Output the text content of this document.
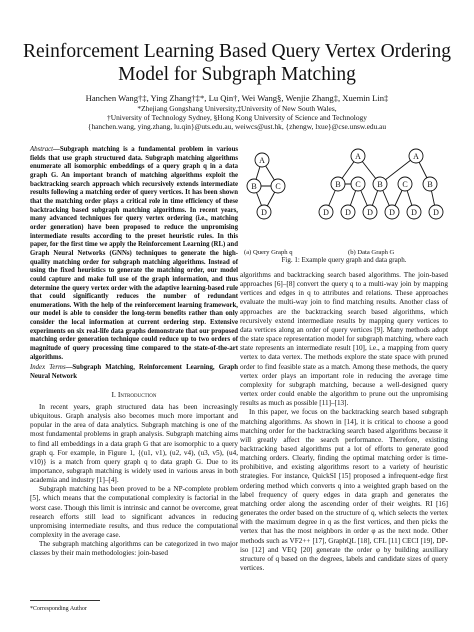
Reinforcement Learning Based Query Vertex Ordering Model for Subgraph Matching
Hanchen Wang†‡, Ying Zhang†‡*, Lu Qin†, Wei Wang§, Wenjie Zhang‡, Xuemin Lin‡
*Zhejiang Gongshang University,‡University of New South Wales,
†University of Technology Sydney, §Hong Kong University of Science and Technology
{hanchen.wang, ying.zhang, lu.qin}@uts.edu.au, weiwcs@ust.hk, {zhengw, lxue}@cse.unsw.edu.au
Abstract—Subgraph matching is a fundamental problem in various fields that use graph structured data. Subgraph matching algorithms enumerate all isomorphic embeddings of a query graph q in a data graph G. An important branch of matching algorithms exploit the backtracking search approach which recursively extends intermediate results following a matching order of query vertices. It has been shown that the matching order plays a critical role in time efficiency of these backtracking based subgraph matching algorithms. In recent years, many advanced techniques for query vertex ordering (i.e., matching order generation) have been proposed to reduce the unpromising intermediate results according to the preset heuristic rules. In this paper, for the first time we apply the Reinforcement Learning (RL) and Graph Neural Networks (GNNs) techniques to generate the high-quality matching order for subgraph matching algorithms. Instead of using the fixed heuristics to generate the matching order, our model could capture and make full use of the graph information, and thus determine the query vertex order with the adaptive learning-based rule that could significantly reduces the number of redundant enumerations. With the help of the reinforcement learning framework, our model is able to consider the long-term benefits rather than only consider the local information at current ordering step. Extensive experiments on six real-life data graphs demonstrate that our proposed matching order generation technique could reduce up to two orders of magnitude of query processing time compared to the state-of-the-art algorithms.
Index Terms—Subgraph Matching, Reinforcement Learning, Graph Neural Network
I. Introduction

In recent years, graph structured data has been increasingly ubiquitous. Graph analysis also becomes much more important and popular in the area of data analytics. Subgraph matching is one of the most fundamental problems in graph analysis. Subgraph matching aims to find all embeddings in a data graph G that are isomorphic to a query graph q. For example, in Figure 1, {(u1, v1), (u2, v4), (u3, v5), (u4, v10)} is a match from query graph q to data graph G. Due to its importance, subgraph matching is widely used in various areas in both academia and industry [1]–[4].

Subgraph matching has been proved to be a NP-complete problem [5], which means that the computational complexity is factorial in the worst case. Though this limit is intrinsic and cannot be overcome, great research efforts still lead to significant advances in reducing unpromising intermediate results, and thus reduce the computational complexity in the average case.

The subgraph matching algorithms can be categorized in two major classes by their main methodologies: join-based

*Corresponding Author
A
B C
D
A	A
B C B C B
D D D D D D
(a) Query Graph q	(b) Data Graph G
Fig. 1: Example query graph and data graph.

algorithms and backtracking search based algorithms. The join-based approaches [6]–[8] convert the query q to a multi-way join by mapping vertices and edges in q to attributes and relations. These approaches evaluate the multi-way join to find matching results. Another class of approaches are the backtracking search based algorithms, which recursively extend intermediate results by mapping query vertices to data vertices along an order of query vertices [9]. Many methods adopt the state space representation model for subgraph matching, where each state represents an intermediate result [10], i.e., a mapping from query vertex to data vertex. The methods explore the state space with pruned order to find feasible state as a match. Among these methods, the query vertex order plays an important role in reducing the average time complexity for subgraph matching, because a well-designed query vertex order could enable the algorithm to prune out the unpromising results as much as possible [11]–[13].

In this paper, we focus on the backtracking search based subgraph matching algorithms. As shown in [14], it is critical to choose a good matching order for the backtracking search based algorithms because it will greatly affect the search performance. Therefore, existing backtracking based algorithms put a lot of efforts to generate good matching orders. Clearly, finding the optimal matching order is time-prohibitive, and existing algorithms resort to a variety of heuristic strategies. For instance, QuickSI [15] proposed a infrequent-edge first ordering method which converts q into a weighted graph based on the label frequency of query edges in data graph and generates the matching order along the ascending order of their weights. RI [16] generates the order based on the structure of q, which selects the vertex with the maximum degree in q as the first vertices, and then picks the vertex that has the most neighbors in order φ as the next node. Other methods such as VF2++ [17], GraphQL [18], CFL [11] CECI [19], DP-iso [12] and VEQ [20] generate the order φ by building auxiliary structure of q based on the degrees, labels and candidate sizes of query vertices.
